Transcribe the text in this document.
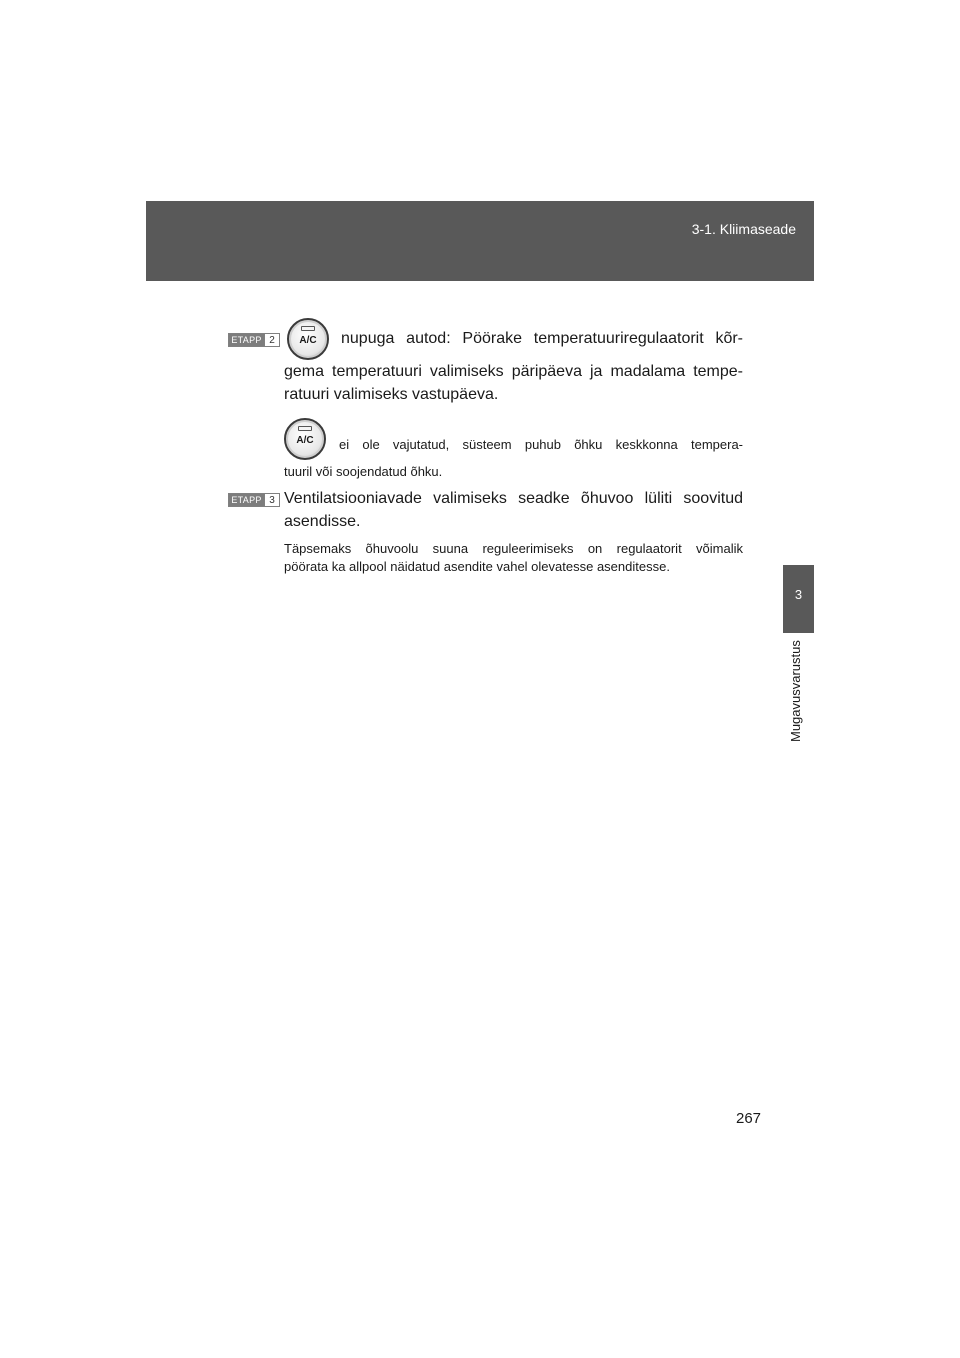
3-1. Kliimaseade
3
Mugavusvarustus
ETAPP 2	A/C	nupuga autod: Pöörake temperatuuriregulaatorit kõr-
gema temperatuuri valimiseks päripäeva ja madalama tempe-
ratuuri valimiseks vastupäeva.
A/C	ei ole vajutatud, süsteem puhub õhku keskkonna tempera-
tuuril või soojendatud õhku.
ETAPP 3 Ventilatsiooniavade valimiseks seadke õhuvoo lüliti soovitud
asendisse.
Täpsemaks õhuvoolu suuna reguleerimiseks on regulaatorit võimalik
pöörata ka allpool näidatud asendite vahel olevatesse asenditesse.
267
